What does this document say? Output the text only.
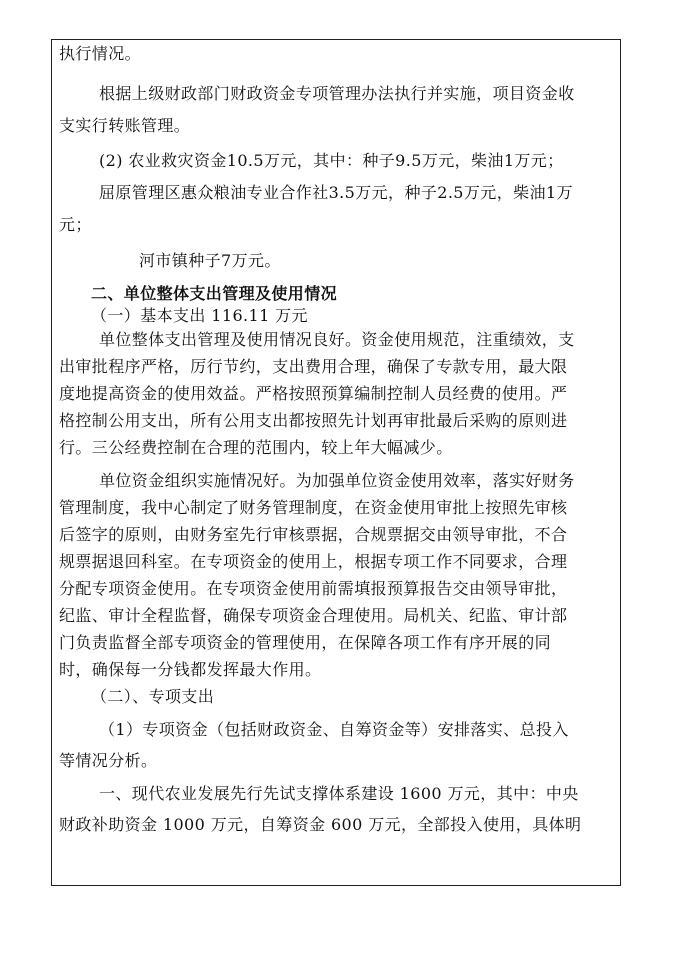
执行情况。
根据上级财政部门财政资金专项管理办法执行并实施，项目资金收
支实行转账管理。
(2) 农业救灾资金10.5万元，其中：种子9.5万元，柴油1万元；
屈原管理区惠众粮油专业合作社3.5万元，种子2.5万元，柴油1万
元；
河市镇种子7万元。
二、单位整体支出管理及使用情况
（一）基本支出 116.11 万元
单位整体支出管理及使用情况良好。资金使用规范，注重绩效，支
出审批程序严格，厉行节约，支出费用合理，确保了专款专用，最大限
度地提高资金的使用效益。严格按照预算编制控制人员经费的使用。严
格控制公用支出，所有公用支出都按照先计划再审批最后采购的原则进
行。三公经费控制在合理的范围内，较上年大幅减少。
单位资金组织实施情况好。为加强单位资金使用效率，落实好财务
管理制度，我中心制定了财务管理制度，在资金使用审批上按照先审核
后签字的原则，由财务室先行审核票据，合规票据交由领导审批，不合
规票据退回科室。在专项资金的使用上，根据专项工作不同要求，合理
分配专项资金使用。在专项资金使用前需填报预算报告交由领导审批，
纪监、审计全程监督，确保专项资金合理使用。局机关、纪监、审计部
门负责监督全部专项资金的管理使用，在保障各项工作有序开展的同
时，确保每一分钱都发挥最大作用。
（二）、专项支出
（1）专项资金（包括财政资金、自筹资金等）安排落实、总投入
等情况分析。
一、现代农业发展先行先试支撑体系建设 1600 万元，其中：中央
财政补助资金 1000 万元，自筹资金 600 万元，全部投入使用，具体明
